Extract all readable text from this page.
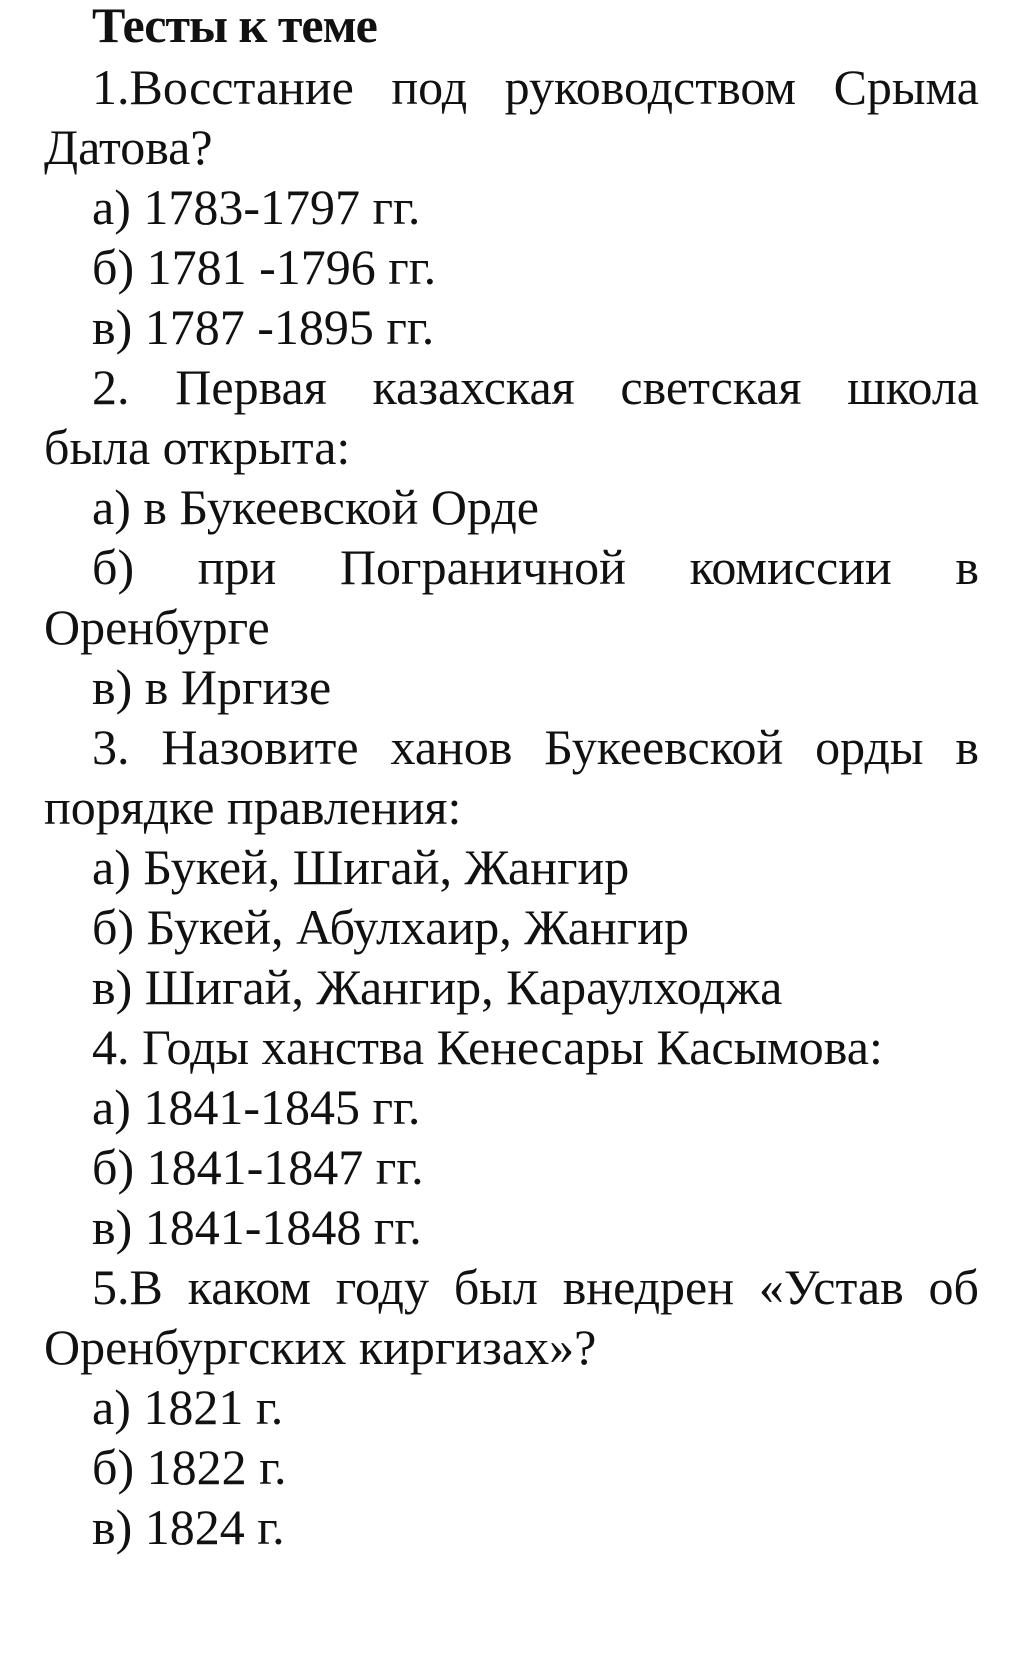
Тесты к теме
1.Восстание под руководством Срыма
Датова?
а) 1783-1797 гг.
б) 1781 -1796 гг.
в) 1787 -1895 гг.
2. Первая казахская светская школа
была открыта:
а) в Букеевской Орде
б) при Пограничной комиссии в
Оренбурге
в) в Иргизе
3. Назовите ханов Букеевской орды в
порядке правления:
а) Букей, Шигай, Жангир
б) Букей, Абулхаир, Жангир
в) Шигай, Жангир, Караулходжа
4. Годы ханства Кенесары Касымова:
а) 1841-1845 гг.
б) 1841-1847 гг.
в) 1841-1848 гг.
5.В каком году был внедрен «Устав об
Оренбургских киргизах»?
а) 1821 г.
б) 1822 г.
в) 1824 г.
